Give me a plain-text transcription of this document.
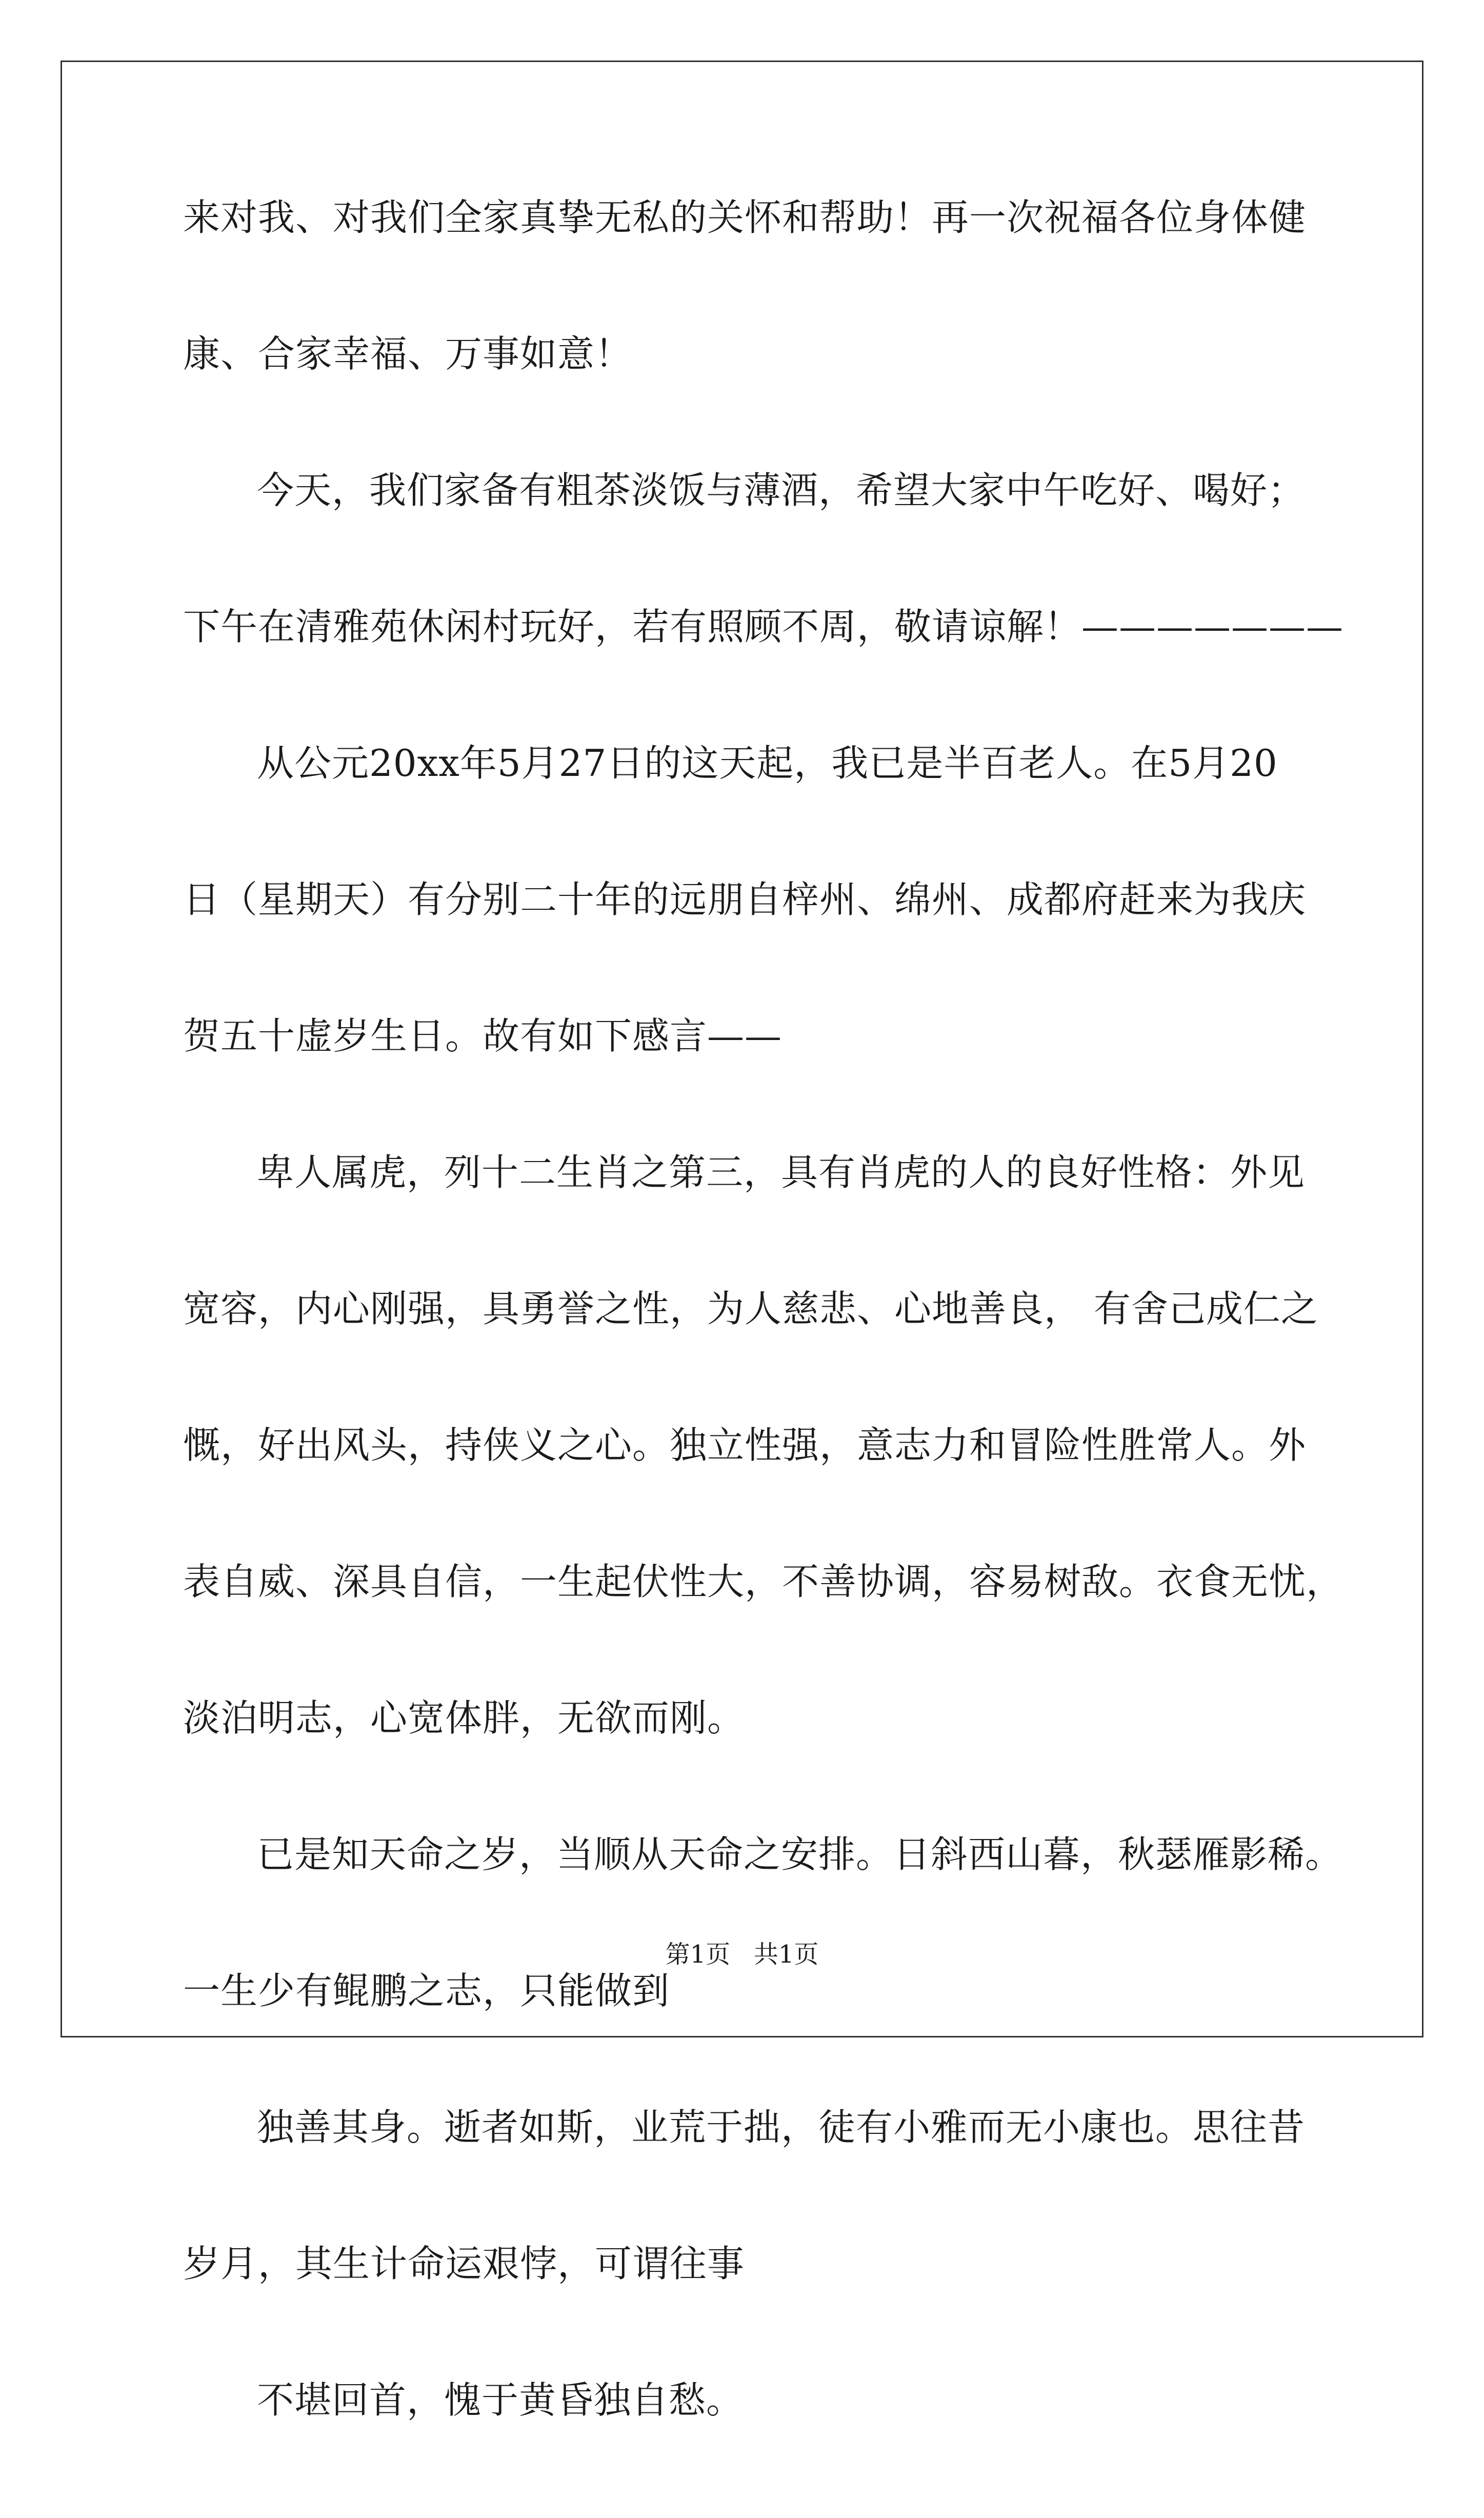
来对我、对我们全家真挚无私的关怀和帮助！再一次祝福各位身体健
康、合家幸福、万事如意！
今天，我们家备有粗茶淡饭与薄酒，希望大家中午吃好、喝好；
下午在清雅苑休闲村玩好，若有照顾不周，敬请谅解！———————
从公元20xx年5月27日的这天起，我已是半百老人。在5月20
日（星期天）有分别二十年的远朋自梓州、绵州、成都府赶来为我庆
贺五十虚岁生日。故有如下感言——
卑人属虎，列十二生肖之第三，具有肖虎的人的良好性格：外见
宽容，内心刚强，具勇誉之性，为人慈悲、心地善良， 有舍己成仁之
慨，好出风头，持侠义之心。独立性强，意志力和冒险性胜常人。外
表自威、深具自信，一生起伏性大，不善协调，容易树敌。衣食无忧，
淡泊明志，心宽体胖，无欲而刚。
已是知天命之岁，当顺从天命之安排。日斜西山暮，秋瑟雁影稀。
一生少有鲲鹏之志，只能做到
独善其身。逝者如斯，业荒于拙，徒有小雅而无小康也。思往昔
岁月，其生计命运艰悖，可谓往事
不堪回首，愧于黄昏独自愁。
第1页   共1页
